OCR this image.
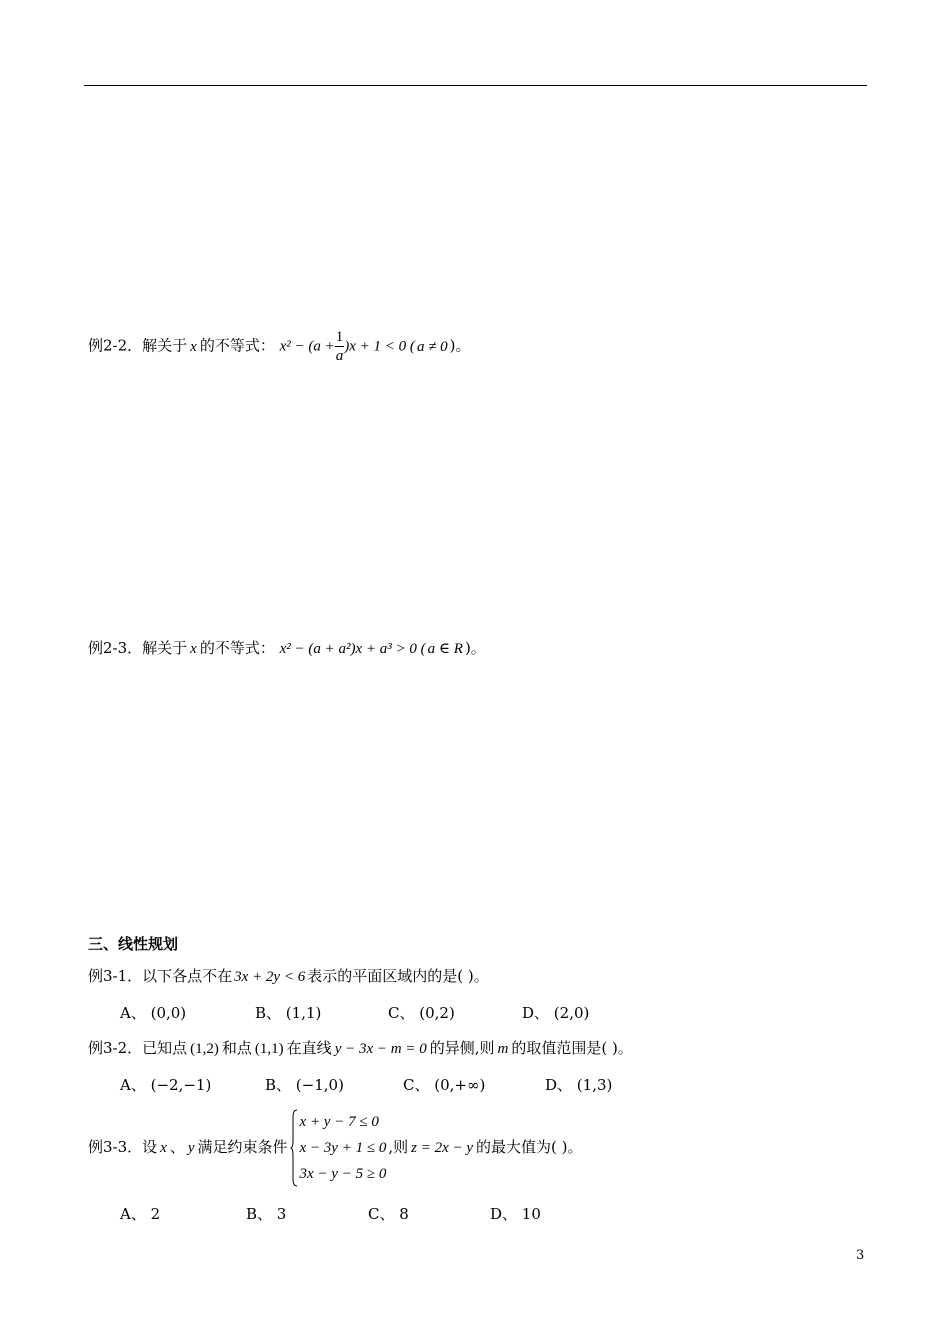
例2-2．解关于 x 的不等式： $x^2 - (a + \frac{1}{a} )x + 1 < 0$ ( a ≠ 0 )。
例2-3．解关于 x 的不等式： x² − (a + a²)x + a³ > 0 ( a ∈ R )。
三、线性规划
例3-1．以下各点不在 3x + 2y < 6 表示的平面区域内的是( )。
A、 (0,0)	B、 (1,1)	C、 (0,2)	D、 (2,0)
例3-2．已知点 (1,2) 和点 (1,1) 在直线 y − 3x − m = 0 的异侧,则 m 的取值范围是( )。
A、 (−2,−1)	B、 (−1,0)	C、 (0,+∞)	D、 (1,3)
例3-3．设 x 、 y 满足约束条件
x + y − 7 ≤ 0
x − 3y + 1 ≤ 0
3x − y − 5 ≥ 0
,则 z = 2x − y 的最大值为( )。
A、 2	B、 3	C、 8	D、 10
3
